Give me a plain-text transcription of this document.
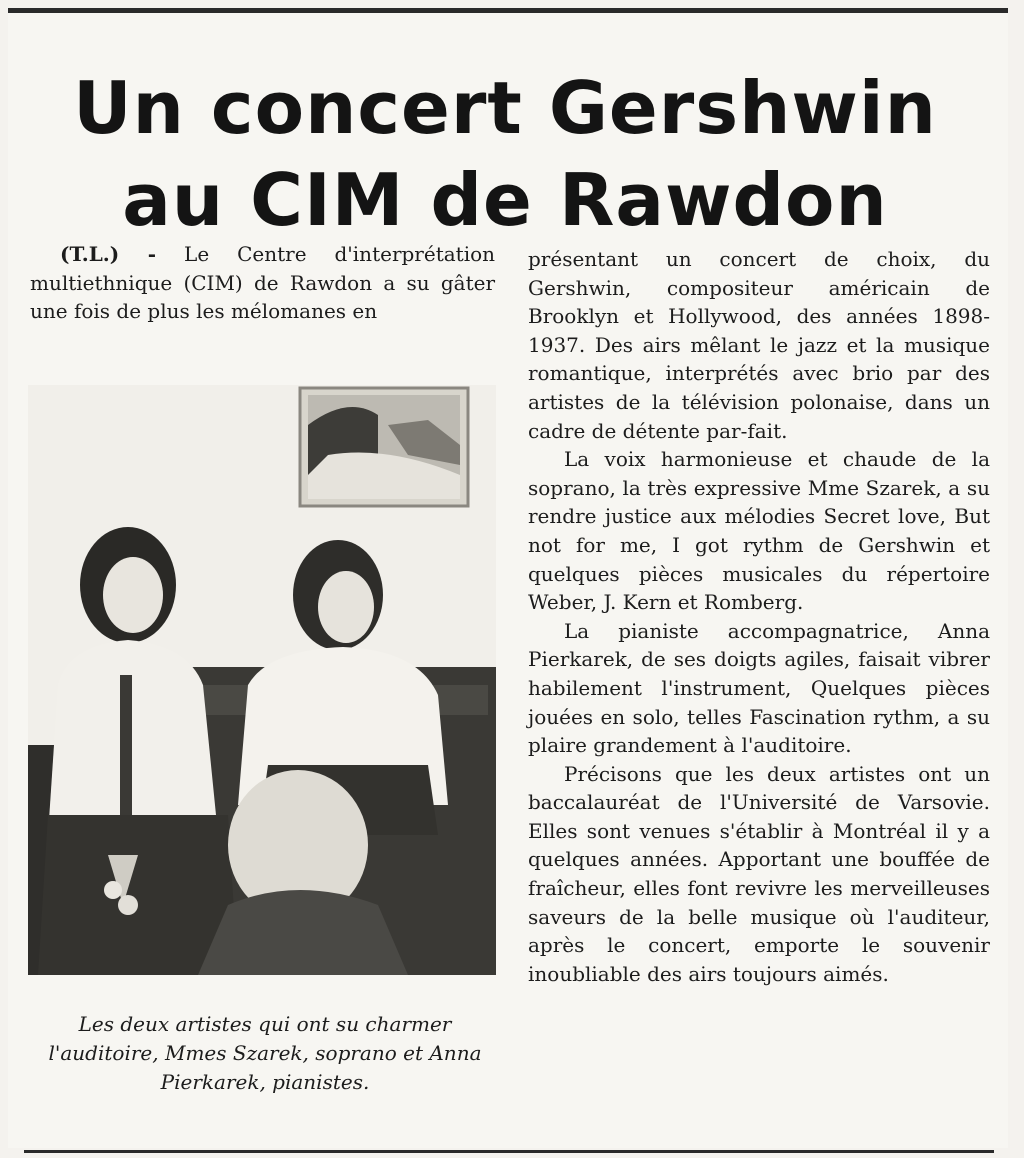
Un concert Gershwin
au CIM de Rawdon

(T.L.) - Le Centre d'interprétation multiethnique (CIM) de Rawdon a su gâter une fois de plus les mélomanes en

présentant un concert de choix, du Gershwin, compositeur américain de Brooklyn et Hollywood, des années 1898-1937. Des airs mêlant le jazz et la musique romantique, interprétés avec brio par des artistes de la télévision polonaise, dans un cadre de détente par-fait.

La voix harmonieuse et chaude de la soprano, la très expressive Mme Szarek, a su rendre justice aux mélodies Secret love, But not for me, I got rythm de Gershwin et quelques pièces musicales du répertoire Weber, J. Kern et Romberg.

La pianiste accompagnatrice, Anna Pierkarek, de ses doigts agiles, faisait vibrer habilement l'instrument, Quelques pièces jouées en solo, telles Fascination rythm, a su plaire grandement à l'auditoire.

Précisons que les deux artistes ont un baccalauréat de l'Université de Varsovie. Elles sont venues s'établir à Montréal il y a quelques années. Apportant une bouffée de fraîcheur, elles font revivre les merveilleuses saveurs de la belle musique où l'auditeur, après le concert, emporte le souvenir inoubliable des airs toujours aimés.

Les deux artistes qui ont su charmer l'auditoire, Mmes Szarek, soprano et Anna Pierkarek, pianistes.
